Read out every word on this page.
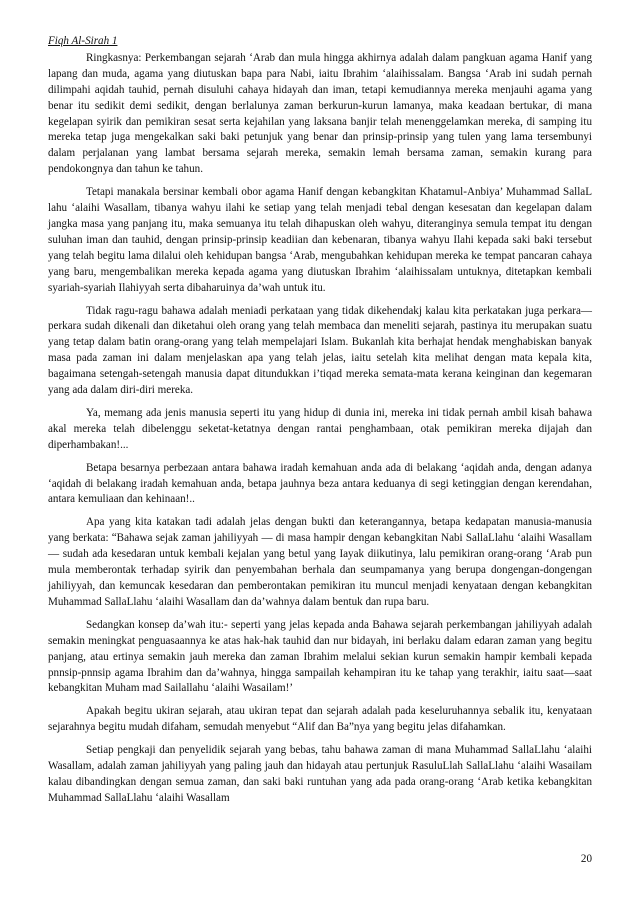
Fiqh Al-Sirah 1

Ringkasnya: Perkembangan sejarah ‘Arab dan mula hingga akhirnya adalah dalam pangkuan agama Hanif yang lapang dan muda, agama yang diutuskan bapa para Nabi, iaitu Ibrahim ‘alaihissalam. Bangsa ‘Arab ini sudah pernah dilimpahi aqidah tauhid, pernah disuluhi cahaya hidayah dan iman, tetapi kemudiannya mereka menjauhi agama yang benar itu sedikit demi sedikit, dengan berlalunya zaman berkurun-kurun lamanya, maka keadaan bertukar, di mana kegelapan syirik dan pemikiran sesat serta kejahilan yang laksana banjir telah menenggelamkan mereka, di samping itu mereka tetap juga mengekalkan saki baki petunjuk yang benar dan prinsip-prinsip yang tulen yang lama tersembunyi dalam perjalanan yang lambat bersama sejarah mereka, semakin lemah bersama zaman, semakin kurang para pendokongnya dan tahun ke tahun.

Tetapi manakala bersinar kembali obor agama Hanif dengan kebangkitan Khatamul-Anbiya’ Muhammad SallaL lahu ‘alaihi Wasallam, tibanya wahyu ilahi ke setiap yang telah menjadi tebal dengan kesesatan dan kegelapan dalam jangka masa yang panjang itu, maka semuanya itu telah dihapuskan oleh wahyu, diteranginya semula tempat itu dengan suluhan iman dan tauhid, dengan prinsip-prinsip keadiian dan kebenaran, tibanya wahyu Ilahi kepada saki baki tersebut yang telah begitu lama dilalui oleh kehidupan bangsa ‘Arab, mengubahkan kehidupan mereka ke tempat pancaran cahaya yang baru, mengembalikan mereka kepada agama yang diutuskan Ibrahim ‘alaihissalam untuknya, ditetapkan kembali syariah-syariah Ilahiyyah serta dibaharuinya da’wah untuk itu.

Tidak ragu-ragu bahawa adalah meniadi perkataan yang tidak dikehendakj kalau kita perkatakan juga perkara—perkara sudah dikenali dan diketahui oleh orang yang telah membaca dan meneliti sejarah, pastinya itu merupakan suatu yang tetap dalam batin orang-orang yang telah mempelajari Islam. Bukanlah kita berhajat hendak menghabiskan banyak masa pada zaman ini dalam menjelaskan apa yang telah jelas, iaitu setelah kita melihat dengan mata kepala kita, bagaimana setengah-setengah manusia dapat ditundukkan i’tiqad mereka semata-mata kerana keinginan dan kegemaran yang ada dalam diri-diri mereka.

Ya, memang ada jenis manusia seperti itu yang hidup di dunia ini, mereka ini tidak pernah ambil kisah bahawa akal mereka telah dibelenggu seketat-ketatnya dengan rantai penghambaan, otak pemikiran mereka dijajah dan diperhambakan!...

Betapa besarnya perbezaan antara bahawa iradah kemahuan anda ada di belakang ‘aqidah anda, dengan adanya ‘aqidah di belakang iradah kemahuan anda, betapa jauhnya beza antara keduanya di segi ketinggian dengan kerendahan, antara kemuliaan dan kehinaan!..

Apa yang kita katakan tadi adalah jelas dengan bukti dan keterangannya, betapa kedapatan manusia-manusia yang berkata: “Bahawa sejak zaman jahiliyyah — di masa hampir dengan kebangkitan Nabi SallaLlahu ‘alaihi Wasallam — sudah ada kesedaran untuk kembali kejalan yang betul yang Iayak diikutinya, lalu pemikiran orang-orang ‘Arab pun mula memberontak terhadap syirik dan penyembahan berhala dan seumpamanya yang berupa dongengan-dongengan jahiliyyah, dan kemuncak kesedaran dan pemberontakan pemikiran itu muncul menjadi kenyataan dengan kebangkitan Muhammad SallaLlahu ‘alaihi Wasallam dan da’wahnya dalam bentuk dan rupa baru.

Sedangkan konsep da’wah itu:- seperti yang jelas kepada anda Bahawa sejarah perkembangan jahiliyyah adalah semakin meningkat penguasaannya ke atas hak-hak tauhid dan nur bidayah, ini berlaku dalam edaran zaman yang begitu panjang, atau ertinya semakin jauh mereka dan zaman Ibrahim melalui sekian kurun semakin hampir kembali kepada pnnsip-pnnsip agama Ibrahim dan da’wahnya, hingga sampailah kehampiran itu ke tahap yang terakhir, iaitu saat—saat kebangkitan Muham mad Sailallahu ‘alaihi Wasailam!’

Apakah begitu ukiran sejarah, atau ukiran tepat dan sejarah adalah pada keseluruhannya sebalik itu, kenyataan sejarahnya begitu mudah difaham, semudah menyebut “Alif dan Ba”nya yang begitu jelas difahamkan.

Setiap pengkaji dan penyelidik sejarah yang bebas, tahu bahawa zaman di mana Muhammad SallaLlahu ‘alaihi Wasallam, adalah zaman jahiliyyah yang paling jauh dan hidayah atau pertunjuk RasuluLlah SallaLlahu ‘alaihi Wasailam kalau dibandingkan dengan semua zaman, dan saki baki runtuhan yang ada pada orang-orang ‘Arab ketika kebangkitan Muhammad SallaLlahu ‘alaihi Wasallam

20
